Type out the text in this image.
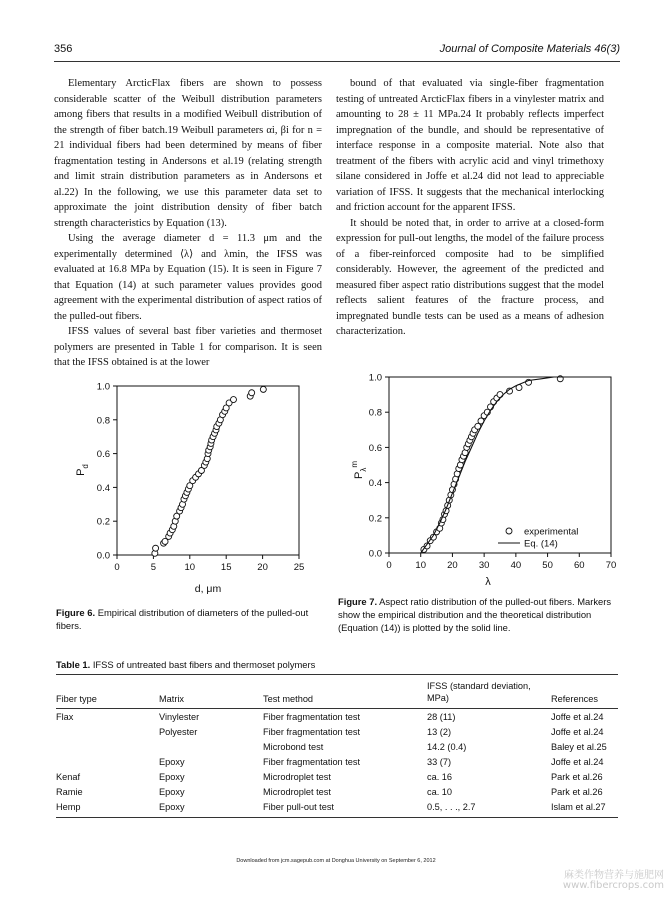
356	Journal of Composite Materials 46(3)

Elementary ArcticFlax fibers are shown to possess considerable scatter of the Weibull distribution parameters among fibers that results in a modified Weibull distribution of the strength of fiber batch.19 Weibull parameters αi, βi for n = 21 individual fibers had been determined by means of fiber fragmentation testing in Andersons et al.19 (relating strength and limit strain distribution parameters as in Andersons et al.22) In the following, we use this parameter data set to approximate the joint distribution density of fiber batch strength characteristics by Equation (13).

Using the average diameter d = 11.3 μm and the experimentally determined ⟨λ⟩ and λmin, the IFSS was evaluated at 16.8 MPa by Equation (15). It is seen in Figure 7 that Equation (14) at such parameter values provides good agreement with the experimental distribution of aspect ratios of the pulled-out fibers.

IFSS values of several bast fiber varieties and thermoset polymers are presented in Table 1 for comparison. It is seen that the IFSS obtained is at the lower

bound of that evaluated via single-fiber fragmentation testing of untreated ArcticFlax fibers in a vinylester matrix and amounting to 28 ± 11 MPa.24 It probably reflects imperfect impregnation of the bundle, and should be representative of interface response in a composite material. Note also that treatment of the fibers with acrylic acid and vinyl trimethoxy silane considered in Joffe et al.24 did not lead to appreciable variation of IFSS. It suggests that the mechanical interlocking and friction account for the apparent IFSS.

It should be noted that, in order to arrive at a closed-form expression for pull-out lengths, the model of the failure process of a fiber-reinforced composite had to be simplified considerably. However, the agreement of the predicted and measured fiber aspect ratio distributions suggest that the model reflects salient features of the fracture process, and impregnated bundle tests can be used as a means of adhesion characterization.

0	5	10	15	20	25
0.0
0.2
0.4
0.6
0.8
1.0
d, μm
$P_d$
Figure 6. Empirical distribution of diameters of the pulled-out fibers.
0	10 20 30 40 50 60 70
0.0
0.2
0.4
0.6
0.8
1.0
λ
$P_\lambda^m$
experimental
Eq. (14)
Figure 7. Aspect ratio distribution of the pulled-out fibers. Markers show the empirical distribution and the theoretical distribution (Equation (14)) is plotted by the solid line.
Table 1. IFSS of untreated bast fibers and thermoset polymers
Fiber type	Matrix	Test method	IFSS (standard deviation, MPa)	References
Flax	Vinylester	Fiber fragmentation test	28 (11)	Joffe et al.24
	Polyester	Fiber fragmentation test	13 (2)	Joffe et al.24
		Microbond test	14.2 (0.4)	Baley et al.25
	Epoxy	Fiber fragmentation test	33 (7)	Joffe et al.24
Kenaf	Epoxy	Microdroplet test	ca. 16	Park et al.26
Ramie	Epoxy	Microdroplet test	ca. 10	Park et al.26
Hemp	Epoxy	Fiber pull-out test	0.5, . . ., 2.7	Islam et al.27
Downloaded from jcm.sagepub.com at Donghua University on September 6, 2012
麻类作物营养与施肥网
www.fibercrops.com
